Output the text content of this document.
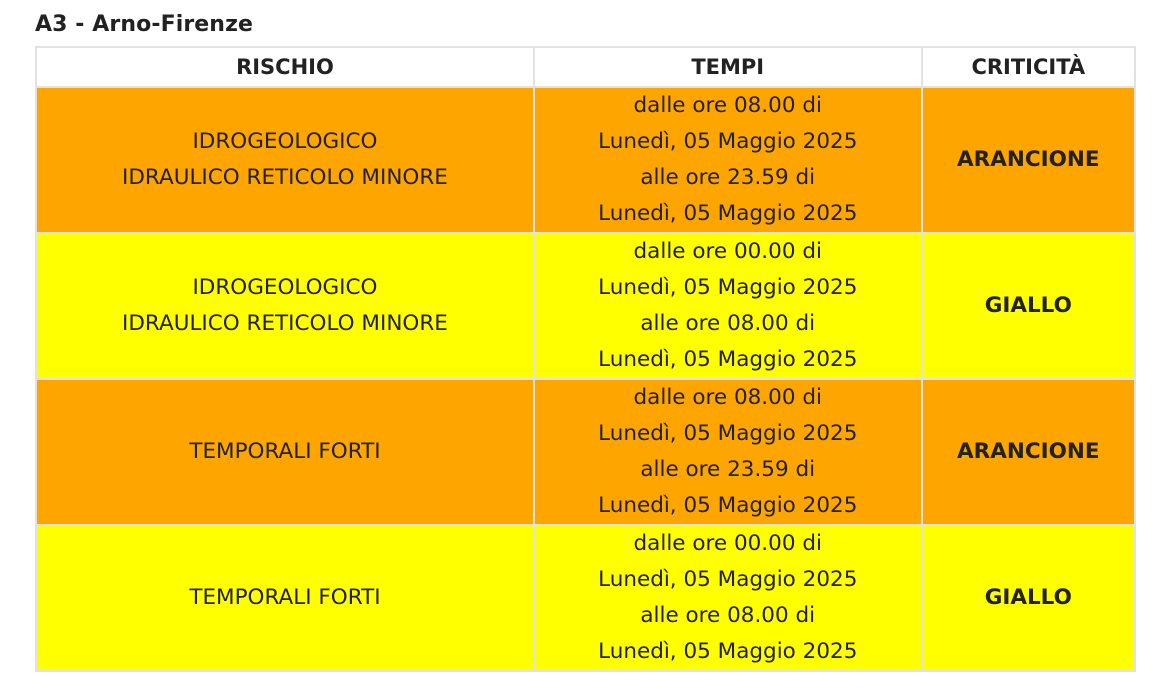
A3 - Arno-Firenze
RISCHIO	TEMPI	CRITICITÀ

IDROGEOLOGICO
IDRAULICO RETICOLO MINORE	dalle ore 08.00 di
Lunedì, 05 Maggio 2025
alle ore 23.59 di
Lunedì, 05 Maggio 2025	ARANCIONE

IDROGEOLOGICO
IDRAULICO RETICOLO MINORE	dalle ore 00.00 di
Lunedì, 05 Maggio 2025
alle ore 08.00 di
Lunedì, 05 Maggio 2025	GIALLO

TEMPORALI FORTI	dalle ore 08.00 di
Lunedì, 05 Maggio 2025
alle ore 23.59 di
Lunedì, 05 Maggio 2025	ARANCIONE

TEMPORALI FORTI	dalle ore 00.00 di
Lunedì, 05 Maggio 2025
alle ore 08.00 di
Lunedì, 05 Maggio 2025	GIALLO
